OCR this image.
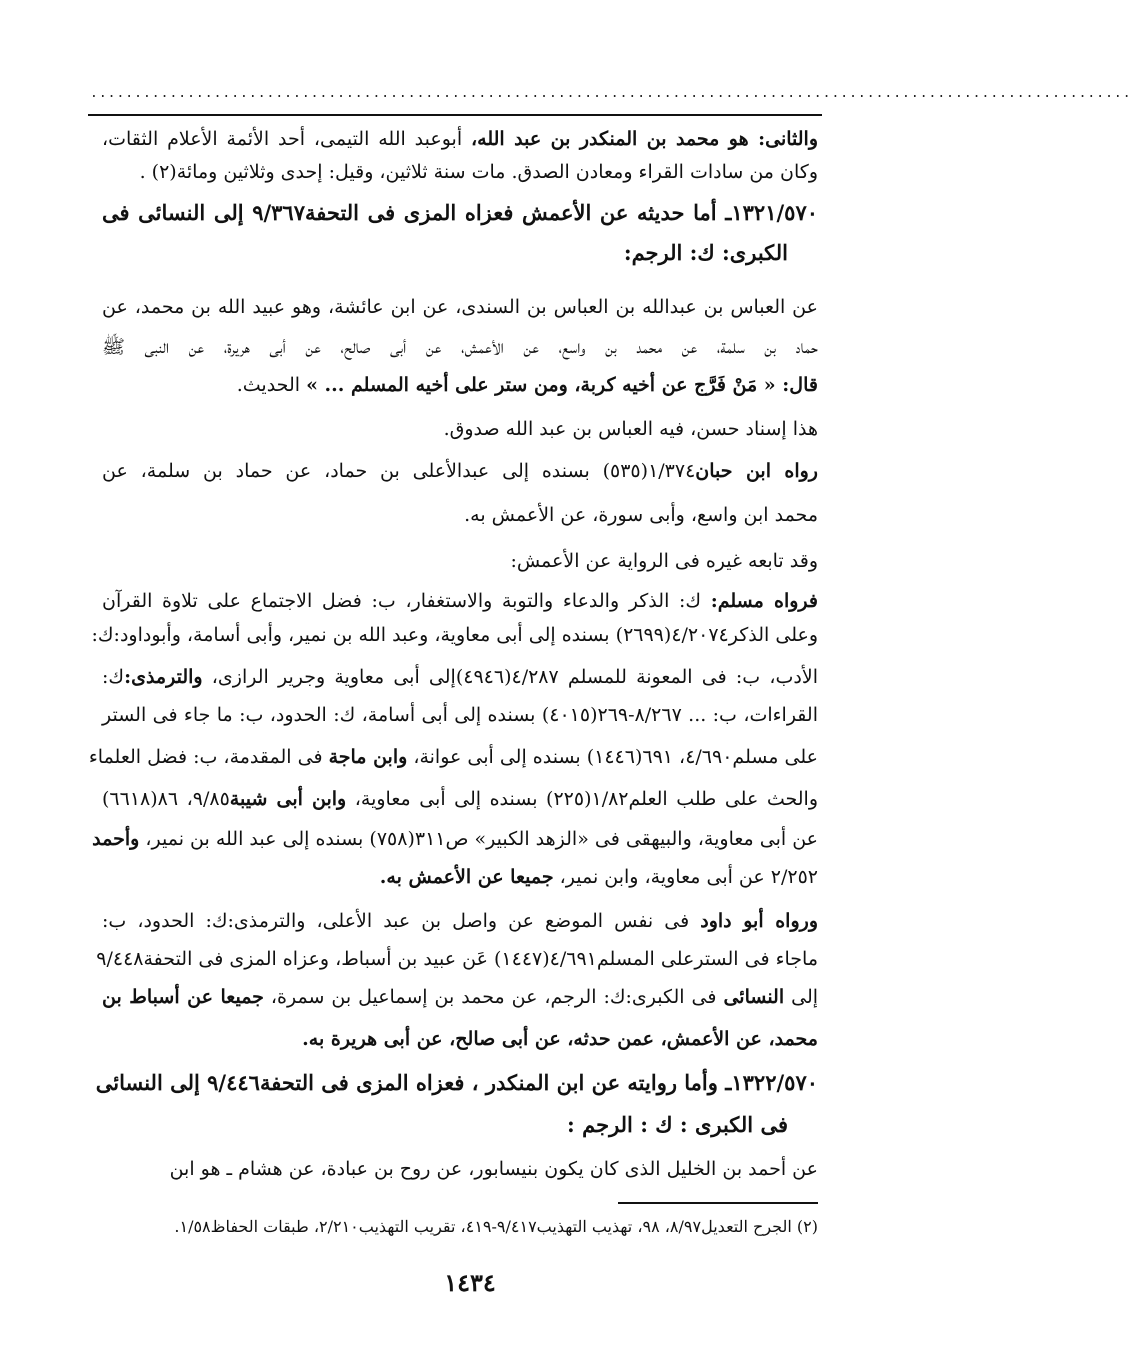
......................................................................................................................
والثانى: هو محمد بن المنكدر بن عبد الله، أبوعبد الله التيمى، أحد الأئمة الأعلام الثقات،
وكان من سادات القراء ومعادن الصدق. مات سنة ثلاثين، وقيل: إحدى وثلاثين ومائة(٢) .
١٣٢١/٥٧٠ـ أما حديثه عن الأعمش فعزاه المزى فى التحفة٩/٣٦٧ إلى النسائى فى
الكبرى: ك: الرجم:
عن العباس بن عبدالله بن العباس بن السندى، عن ابن عائشة، وهو عبيد الله بن محمد، عن
حماد بن سلمة، عن محمد بن واسع، عن الأعمش، عن أبى صالح، عن أبى هريرة، عن النبى ﷺ
قال: « مَنْ فَرَّج عن أخيه كربة، ومن ستر على أخيه المسلم ... » الحديث.
هذا إسناد حسن، فيه العباس بن عبد الله صدوق.
رواه ابن حبان١/٣٧٤(٥٣٥) بسنده إلى عبدالأعلى بن حماد، عن حماد بن سلمة، عن
محمد ابن واسع، وأبى سورة، عن الأعمش به.
وقد تابعه غيره فى الرواية عن الأعمش:
فرواه مسلم: ك: الذكر والدعاء والتوبة والاستغفار، ب: فضل الاجتماع على تلاوة القرآن
وعلى الذكر٤/٢٠٧٤(٢٦٩٩) بسنده إلى أبى معاوية، وعبد الله بن نمير، وأبى أسامة، وأبوداود:ك:
الأدب، ب: فى المعونة للمسلم ٤/٢٨٧(٤٩٤٦)إلى أبى معاوية وجرير الرازى، والترمذى:ك:
القراءات، ب: ... ٨/٢٦٧-٢٦٩(٤٠١٥) بسنده إلى أبى أسامة، ك: الحدود، ب: ما جاء فى الستر
على مسلم٤/٦٩٠، ٦٩١(١٤٤٦) بسنده إلى أبى عوانة، وابن ماجة فى المقدمة، ب: فضل العلماء
والحث على طلب العلم١/٨٢(٢٢٥) بسنده إلى أبى معاوية، وابن أبى شيبة٩/٨٥، ٨٦(٦٦١٨)
عن أبى معاوية، والبيهقى فى «الزهد الكبير» ص٣١١(٧٥٨) بسنده إلى عبد الله بن نمير، وأحمد
٢/٢٥٢ عن أبى معاوية، وابن نمير، جميعا عن الأعمش به.
ورواه أبو داود فى نفس الموضع عن واصل بن عبد الأعلى، والترمذى:ك: الحدود، ب:
ماجاء فى السترعلى المسلم٤/٦٩١(١٤٤٧) عَن عبيد بن أسباط، وعزاه المزى فى التحفة٩/٤٤٨
إلى النسائى فى الكبرى:ك: الرجم، عن محمد بن إسماعيل بن سمرة، جميعا عن أسباط بن
محمد، عن الأعمش، عمن حدثه، عن أبى صالح، عن أبى هريرة به.
١٣٢٢/٥٧٠ـ وأما روايته عن ابن المنكدر ، فعزاه المزى فى التحفة٩/٤٤٦ إلى النسائى
فى الكبرى : ك : الرجم :
عن أحمد بن الخليل الذى كان يكون بنيسابور، عن روح بن عبادة، عن هشام ـ هو ابن
(٢) الجرح التعديل٨/٩٧، ٩٨، تهذيب التهذيب٩/٤١٧-٤١٩، تقريب التهذيب٢/٢١٠، طبقات الحفاظ١/٥٨.
١٤٣٤
